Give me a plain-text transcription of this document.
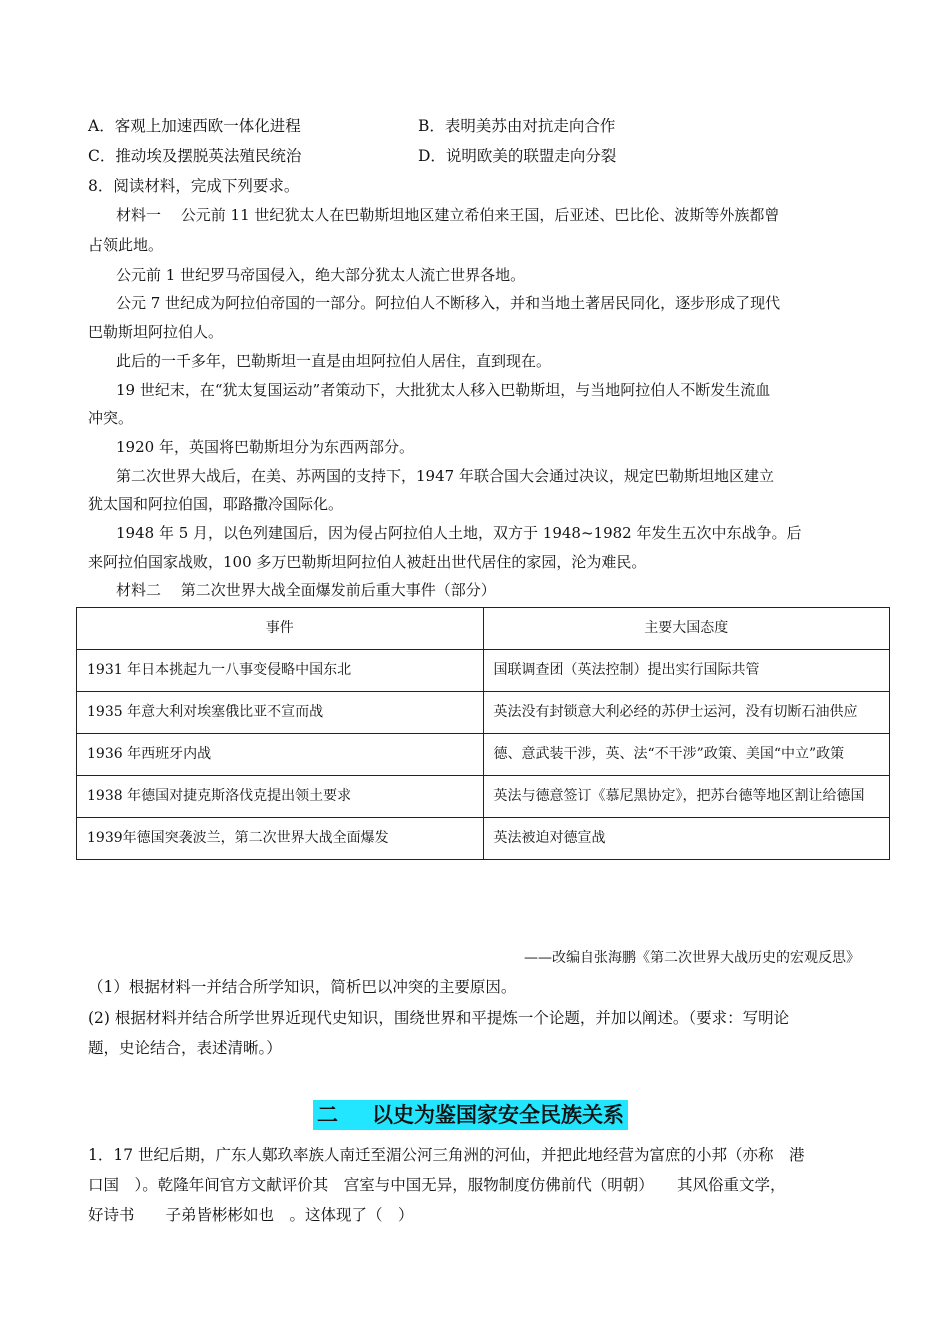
A．客观上加速西欧一体化进程	B．表明美苏由对抗走向合作
C．推动埃及摆脱英法殖民统治	D．说明欧美的联盟走向分裂
8．阅读材料，完成下列要求。
材料一　 公元前 11 世纪犹太人在巴勒斯坦地区建立希伯来王国，后亚述、巴比伦、波斯等外族都曾
占领此地。
公元前 1 世纪罗马帝国侵入，绝大部分犹太人流亡世界各地。
公元 7 世纪成为阿拉伯帝国的一部分。阿拉伯人不断移入，并和当地土著居民同化，逐步形成了现代
巴勒斯坦阿拉伯人。
此后的一千多年，巴勒斯坦一直是由坦阿拉伯人居住，直到现在。
19 世纪末，在“犹太复国运动”者策动下，大批犹太人移入巴勒斯坦，与当地阿拉伯人不断发生流血
冲突。
1920 年，英国将巴勒斯坦分为东西两部分。
第二次世界大战后，在美、苏两国的支持下，1947 年联合国大会通过决议，规定巴勒斯坦地区建立
犹太国和阿拉伯国，耶路撒冷国际化。
1948 年 5 月，以色列建国后，因为侵占阿拉伯人土地，双方于 1948~1982 年发生五次中东战争。后
来阿拉伯国家战败，100 多万巴勒斯坦阿拉伯人被赶出世代居住的家园，沦为难民。
材料二　 第二次世界大战全面爆发前后重大事件（部分）
事件	主要大国态度
1931 年日本挑起九一八事变侵略中国东北	国联调查团（英法控制）提出实行国际共管
1935 年意大利对埃塞俄比亚不宣而战	英法没有封锁意大利必经的苏伊士运河，没有切断石油供应
1936 年西班牙内战	德、意武装干涉，英、法“不干涉”政策、美国“中立”政策
1938 年德国对捷克斯洛伐克提出领土要求	英法与德意签订《慕尼黑协定》，把苏台德等地区割让给德国
1939年德国突袭波兰，第二次世界大战全面爆发	英法被迫对德宣战
——改编自张海鹏《第二次世界大战历史的宏观反思》
（1）根据材料一并结合所学知识，简析巴以冲突的主要原因。
(2) 根据材料并结合所学世界近现代史知识，围绕世界和平提炼一个论题，并加以阐述。（要求：写明论
题，史论结合，表述清晰。）
二 以史为鉴国家安全民族关系
1．17 世纪后期，广东人鄚玖率族人南迁至湄公河三角洲的河仙，并把此地经营为富庶的小邦（亦称　港
口国　）。乾隆年间官方文献评价其　宫室与中国无异，服物制度仿佛前代（明朝）　　其风俗重文学，
好诗书　　子弟皆彬彬如也　。这体现了（　）
